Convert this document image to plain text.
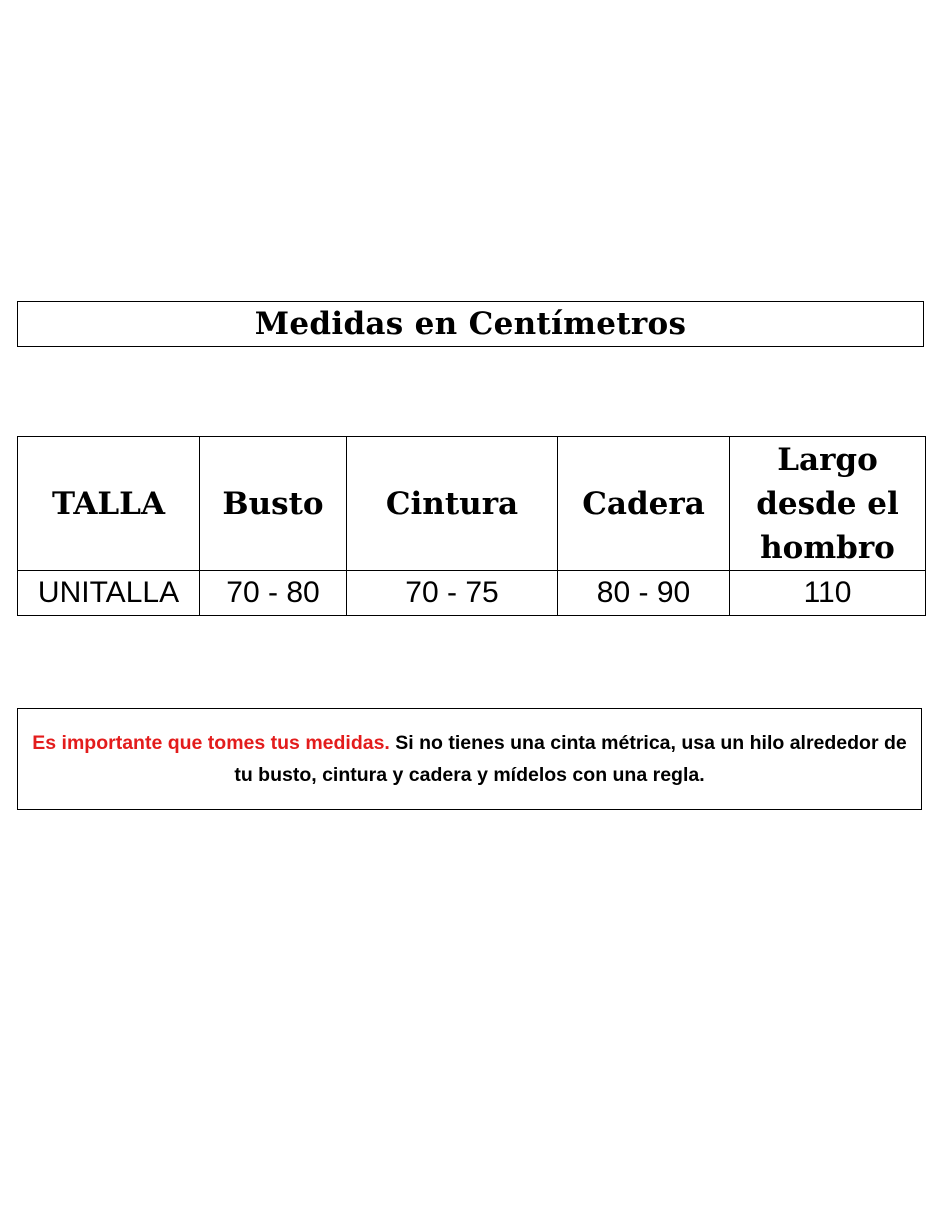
Medidas en Centímetros
TALLA	Busto	Cintura	Cadera	Largo desde el hombro
UNITALLA	70 - 80	70 - 75	80 - 90	110
Es importante que tomes tus medidas. Si no tienes una cinta métrica, usa un hilo alrededor de tu busto, cintura y cadera y mídelos con una regla.
